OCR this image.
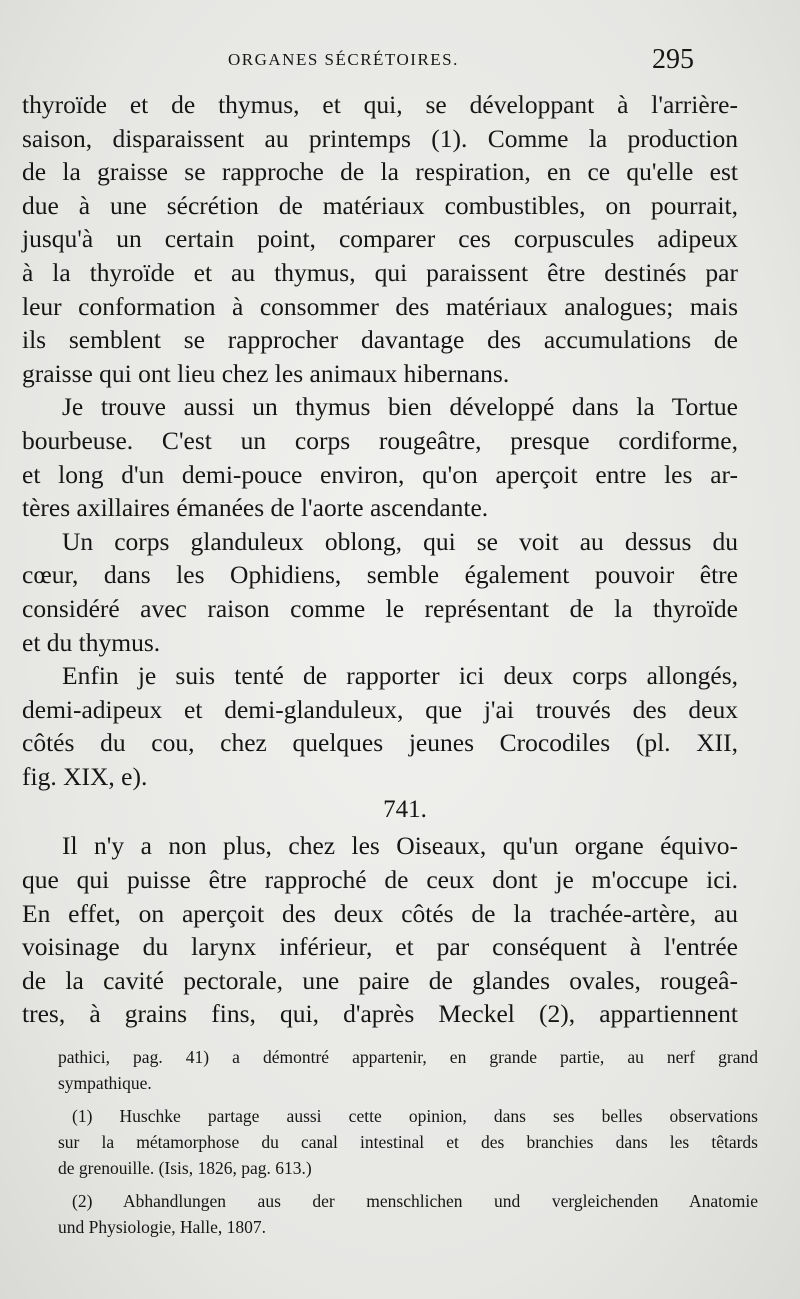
ORGANES SÉCRÉTOIRES.	295
thyroïde et de thymus, et qui, se développant à l'arrière-
saison, disparaissent au printemps (1). Comme la production
de la graisse se rapproche de la respiration, en ce qu'elle est
due à une sécrétion de matériaux combustibles, on pourrait,
jusqu'à un certain point, comparer ces corpuscules adipeux
à la thyroïde et au thymus, qui paraissent être destinés par
leur conformation à consommer des matériaux analogues; mais
ils semblent se rapprocher davantage des accumulations de
graisse qui ont lieu chez les animaux hibernans.
Je trouve aussi un thymus bien développé dans la Tortue
bourbeuse. C'est un corps rougeâtre, presque cordiforme,
et long d'un demi-pouce environ, qu'on aperçoit entre les ar-
tères axillaires émanées de l'aorte ascendante.
Un corps glanduleux oblong, qui se voit au dessus du
cœur, dans les Ophidiens, semble également pouvoir être
considéré avec raison comme le représentant de la thyroïde
et du thymus.
Enfin je suis tenté de rapporter ici deux corps allongés,
demi-adipeux et demi-glanduleux, que j'ai trouvés des deux
côtés du cou, chez quelques jeunes Crocodiles (pl. XII,
fig. XIX, e).
741.
Il n'y a non plus, chez les Oiseaux, qu'un organe équivo-
que qui puisse être rapproché de ceux dont je m'occupe ici.
En effet, on aperçoit des deux côtés de la trachée-artère, au
voisinage du larynx inférieur, et par conséquent à l'entrée
de la cavité pectorale, une paire de glandes ovales, rougeâ-
tres, à grains fins, qui, d'après Meckel (2), appartiennent
pathici, pag. 41) a démontré appartenir, en grande partie, au nerf grand
sympathique.
(1) Huschke partage aussi cette opinion, dans ses belles observations
sur la métamorphose du canal intestinal et des branchies dans les têtards
de grenouille. (Isis, 1826, pag. 613.)
(2) Abhandlungen aus der menschlichen und vergleichenden Anatomie
und Physiologie, Halle, 1807.
